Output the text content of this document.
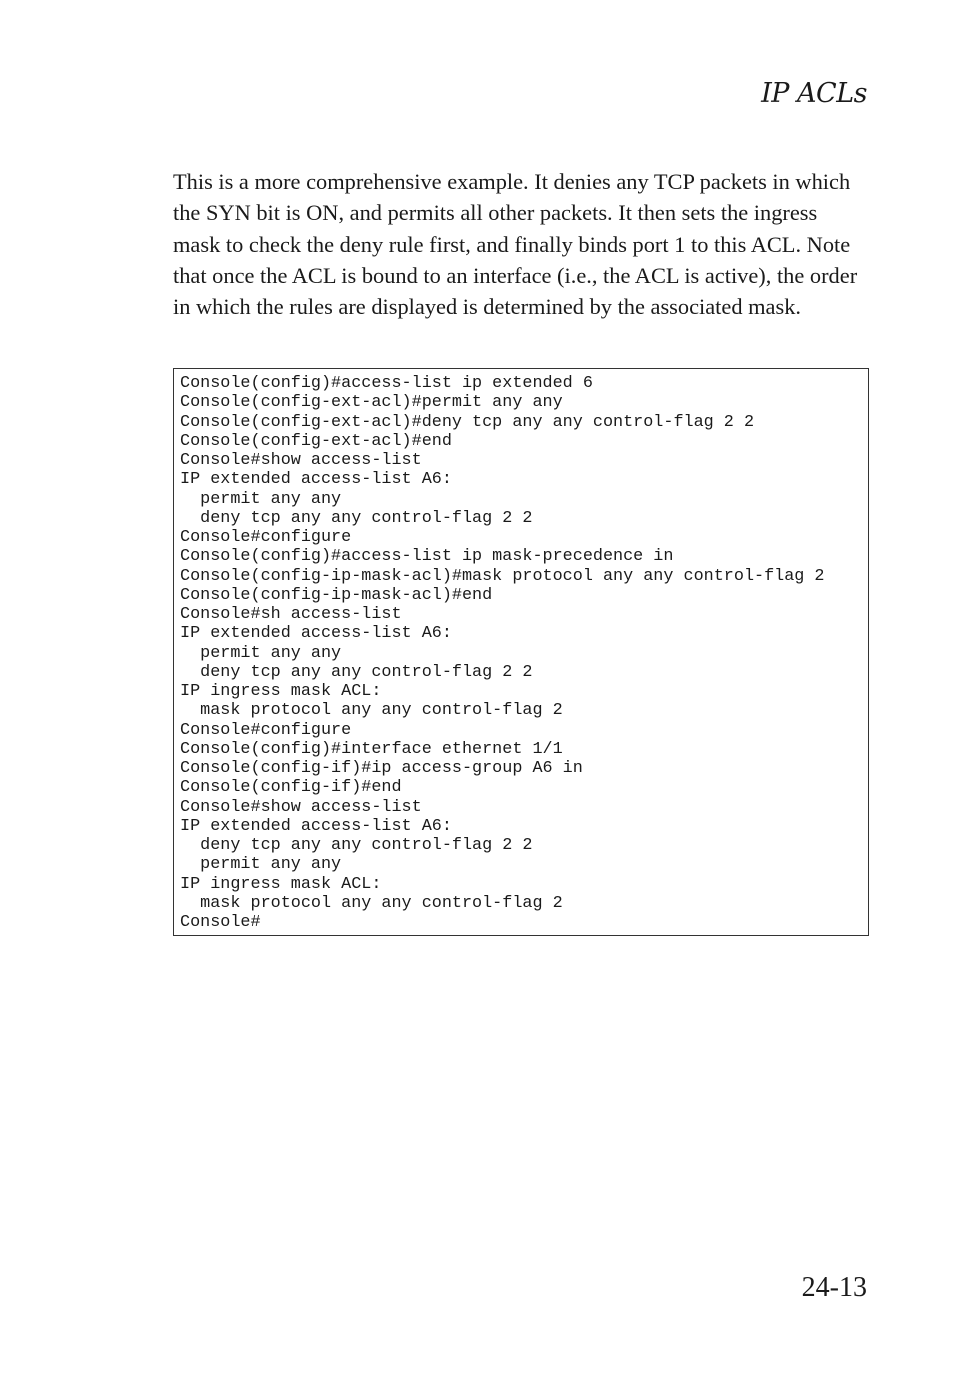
IP ACLs

This is a more comprehensive example. It denies any TCP packets in which the SYN bit is ON, and permits all other packets. It then sets the ingress mask to check the deny rule first, and finally binds port 1 to this ACL. Note that once the ACL is bound to an interface (i.e., the ACL is active), the order in which the rules are displayed is determined by the associated mask.

Console(config)#access-list ip extended 6
Console(config-ext-acl)#permit any any
Console(config-ext-acl)#deny tcp any any control-flag 2 2
Console(config-ext-acl)#end
Console#show access-list
IP extended access-list A6:
permit any any
deny tcp any any control-flag 2 2
Console#configure
Console(config)#access-list ip mask-precedence in
Console(config-ip-mask-acl)#mask protocol any any control-flag 2
Console(config-ip-mask-acl)#end
Console#sh access-list
IP extended access-list A6:
permit any any
deny tcp any any control-flag 2 2
IP ingress mask ACL:
mask protocol any any control-flag 2
Console#configure
Console(config)#interface ethernet 1/1
Console(config-if)#ip access-group A6 in
Console(config-if)#end
Console#show access-list
IP extended access-list A6:
deny tcp any any control-flag 2 2
permit any any
IP ingress mask ACL:
mask protocol any any control-flag 2
Console#
24-13
